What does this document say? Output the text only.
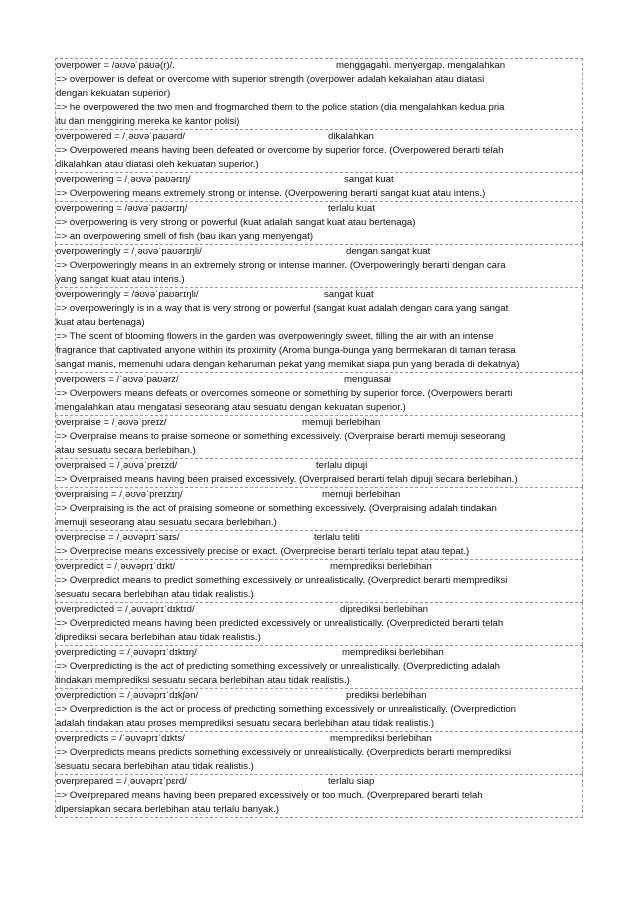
overpower = /əʊvəˈpaʊə(r)/.	menggagahi. menyergap. mengalahkan
=> overpower is defeat or overcome with superior strength (overpower adalah kekalahan atau diatasi
dengan kekuatan superior)
=> he overpowered the two men and frogmarched them to the police station (dia mengalahkan kedua pria
itu dan menggiring mereka ke kantor polisi)
overpowered = /ˌəʊvəˈpaʊərd/	dikalahkan
=> Overpowered means having been defeated or overcome by superior force. (Overpowered berarti telah
dikalahkan atau diatasi oleh kekuatan superior.)
overpowering = /ˌəʊvəˈpaʊərɪŋ/	sangat kuat
=> Overpowering means extremely strong or intense. (Overpowering berarti sangat kuat atau intens.)
overpowering = /əʊvəˈpaʊərɪŋ/	terlalu kuat
=> overpowering is very strong or powerful (kuat adalah sangat kuat atau bertenaga)
=> an overpowering smell of fish (bau ikan yang menyengat)
overpoweringly = /ˌəʊvəˈpaʊərɪŋli/	dengan sangat kuat
=> Overpoweringly means in an extremely strong or intense manner. (Overpoweringly berarti dengan cara
yang sangat kuat atau intens.)
overpoweringly = /əʊvəˈpaʊərɪŋli/	sangat kuat
=> overpoweringly is in a way that is very strong or powerful (sangat kuat adalah dengan cara yang sangat
kuat atau bertenaga)
=> The scent of blooming flowers in the garden was overpoweringly sweet, filling the air with an intense
fragrance that captivated anyone within its proximity (Aroma bunga-bunga yang bermekaran di taman terasa
sangat manis, memenuhi udara dengan keharuman pekat yang memikat siapa pun yang berada di dekatnya)
overpowers = /ˈəʊvəˈpaʊərz/	menguasai
=> Overpowers means defeats or overcomes someone or something by superior force. (Overpowers berarti
mengalahkan atau mengatasi seseorang atau sesuatu dengan kekuatan superior.)
overpraise = /ˌəʊvəˈpreɪz/	memuji berlebihan
=> Overpraise means to praise someone or something excessively. (Overpraise berarti memuji seseorang
atau sesuatu secara berlebihan.)
overpraised = /ˌəʊvəˈpreɪzd/	terlalu dipuji
=> Overpraised means having been praised excessively. (Overpraised berarti telah dipuji secara berlebihan.)
overpraising = /ˌəʊvəˈpreɪzɪŋ/	memuji berlebihan
=> Overpraising is the act of praising someone or something excessively. (Overpraising adalah tindakan
memuji seseorang atau sesuatu secara berlebihan.)
overprecise = /ˌəʊvəprɪˈsaɪs/	terlalu teliti
=> Overprecise means excessively precise or exact. (Overprecise berarti terlalu tepat atau tepat.)
overpredict = /ˌəʊvəprɪˈdɪkt/	memprediksi berlebihan
=> Overpredict means to predict something excessively or unrealistically. (Overpredict berarti memprediksi
sesuatu secara berlebihan atau tidak realistis.)
overpredicted = /ˌəʊvəprɪˈdɪktɪd/	diprediksi berlebihan
=> Overpredicted means having been predicted excessively or unrealistically. (Overpredicted berarti telah
diprediksi secara berlebihan atau tidak realistis.)
overpredicting = /ˌəʊvəprɪˈdɪktɪŋ/	memprediksi berlebihan
=> Overpredicting is the act of predicting something excessively or unrealistically. (Overpredicting adalah
tindakan memprediksi sesuatu secara berlebihan atau tidak realistis.)
overprediction = /ˌəʊvəprɪˈdɪkʃən/	prediksi berlebihan
=> Overprediction is the act or process of predicting something excessively or unrealistically. (Overprediction
adalah tindakan atau proses memprediksi sesuatu secara berlebihan atau tidak realistis.)
overpredicts = /ˈəʊvəprɪˈdɪkts/	memprediksi berlebihan
=> Overpredicts means predicts something excessively or unrealistically. (Overpredicts berarti memprediksi
sesuatu secara berlebihan atau tidak realistis.)
overprepared = /ˌəʊvəprɪˈpɛrd/	terlalu siap
=> Overprepared means having been prepared excessively or too much. (Overprepared berarti telah
dipersiapkan secara berlebihan atau terlalu banyak.)
